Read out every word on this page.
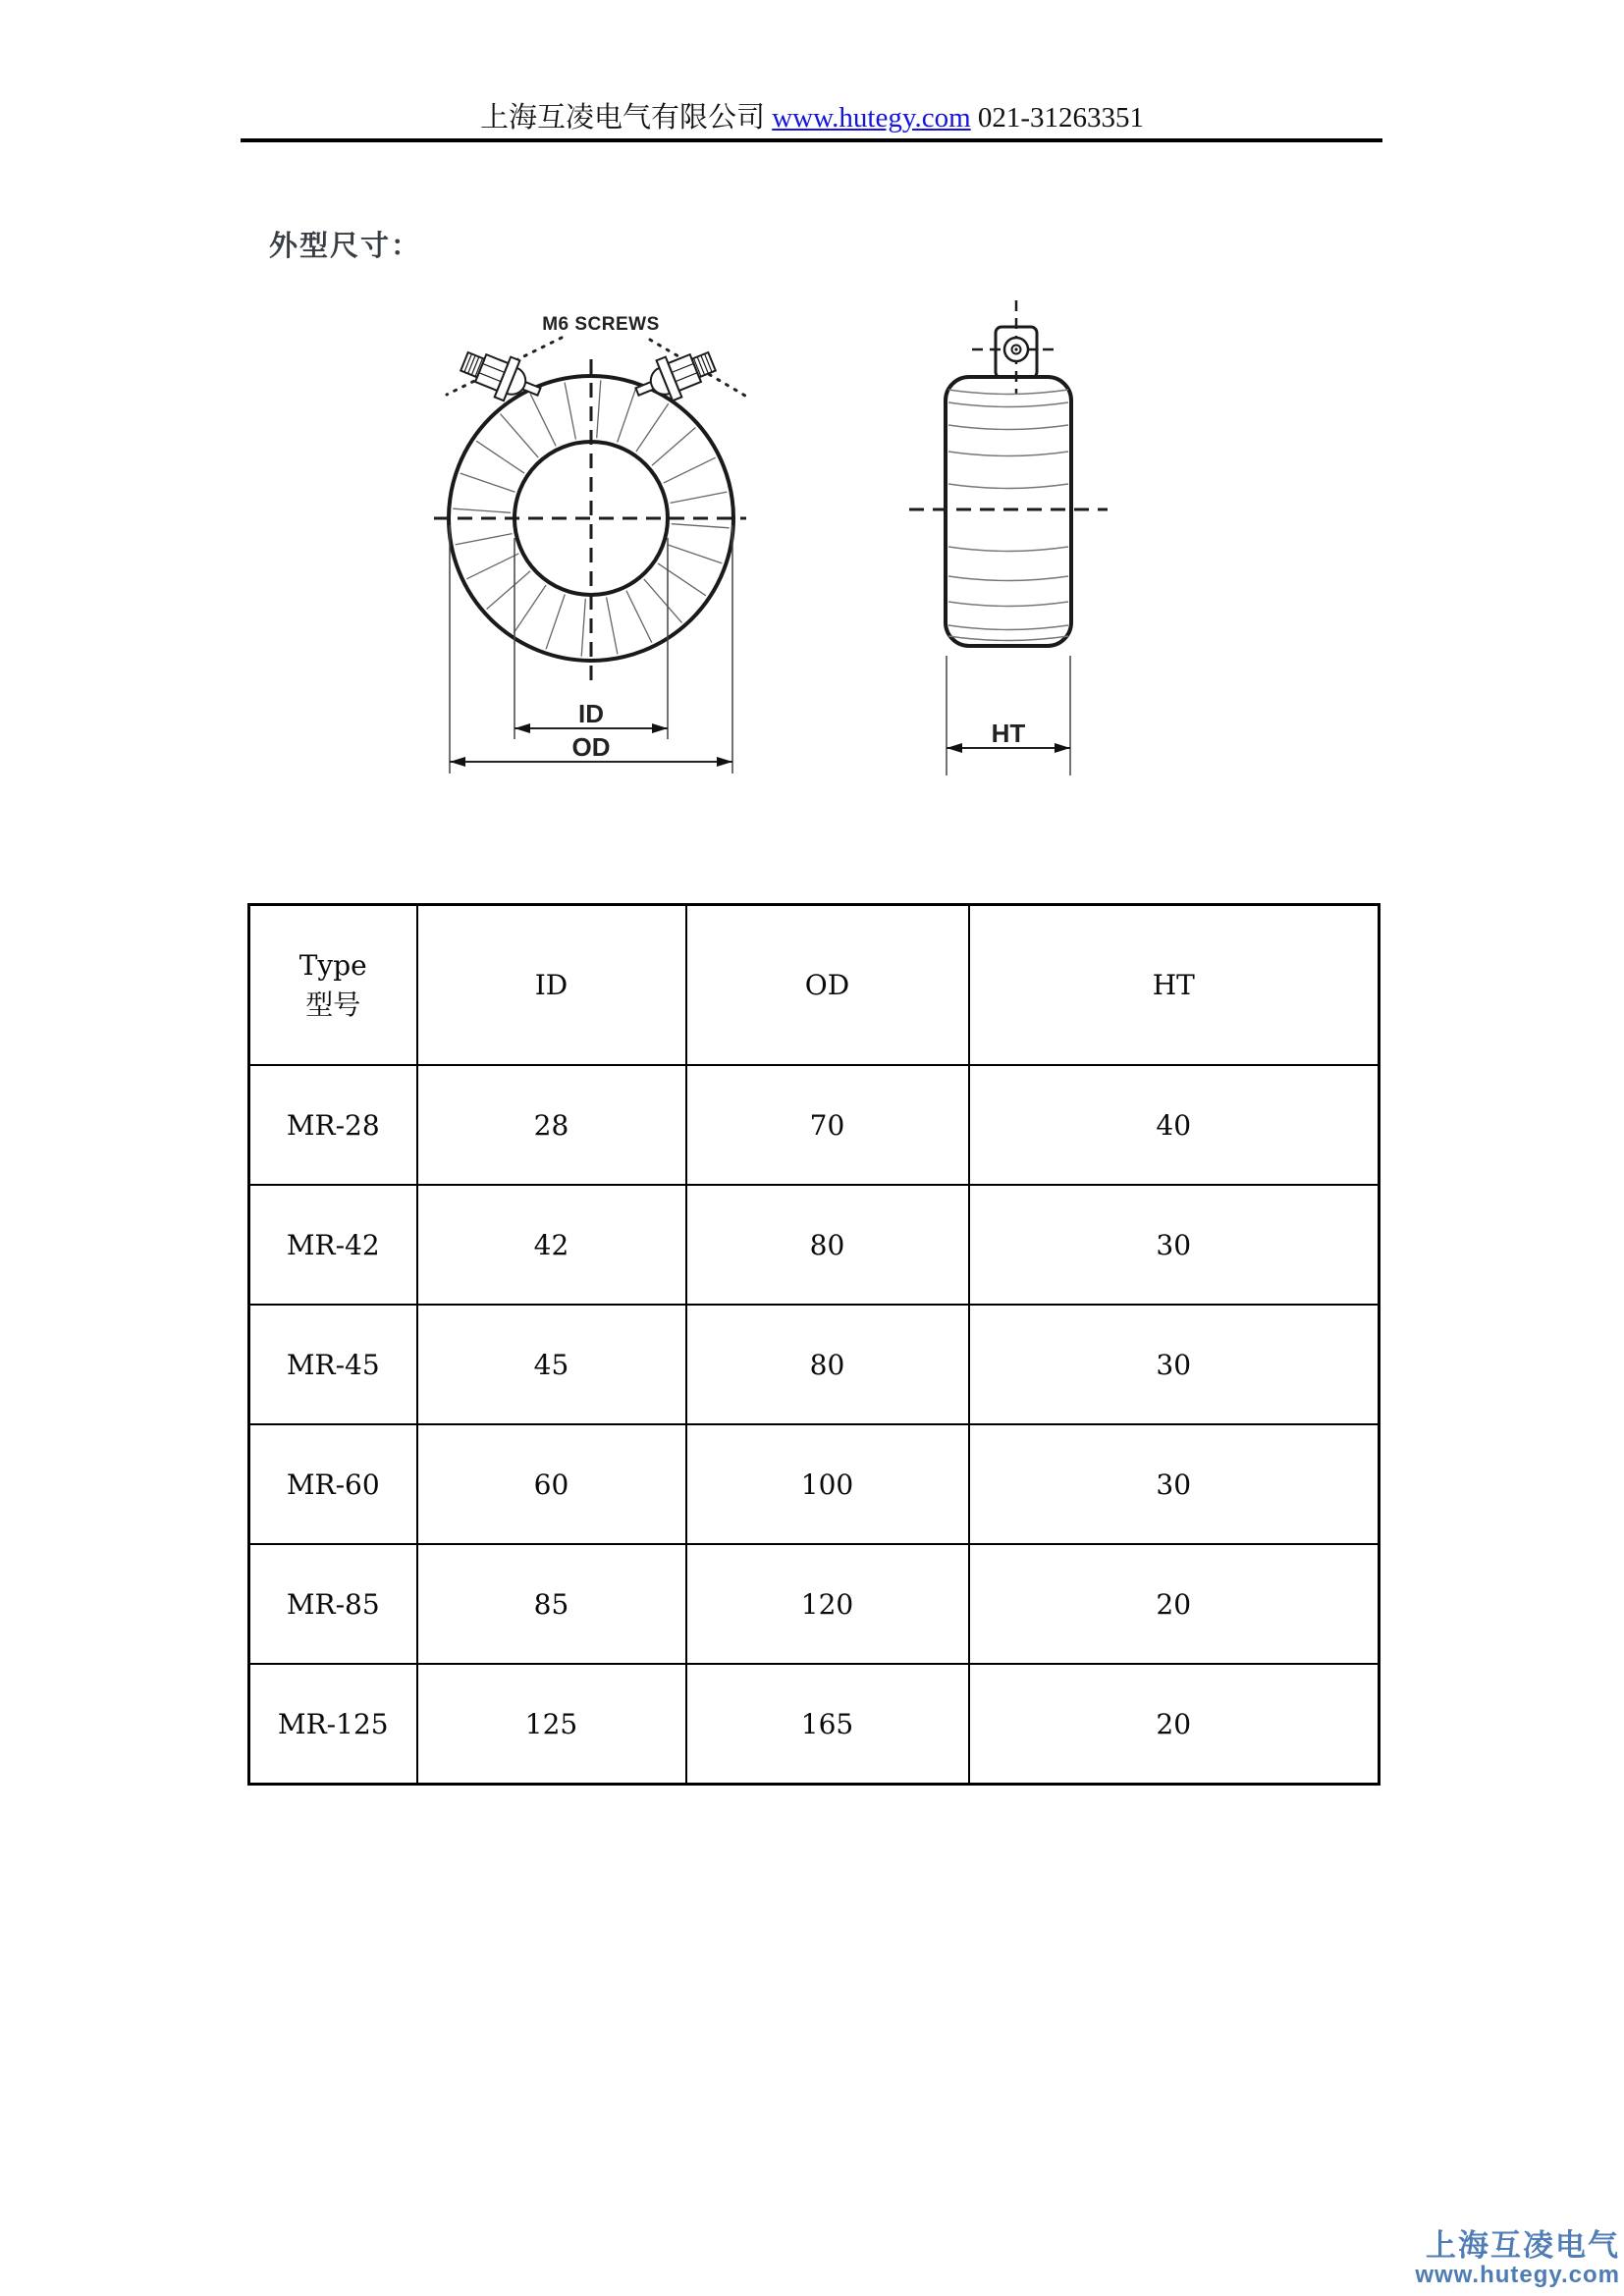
上海互凌电气有限公司 www.hutegy.com 021-31263351
外型尺寸：
M6 SCREWS
ID
OD	HT
Type
型号	ID	OD	HT
MR-28	28	70	40
MR-42	42	80	30
MR-45	45	80	30
MR-60	60	100	30
MR-85	85	120	20
MR-125	125	165	20
上海互凌电气
www.hutegy.com
